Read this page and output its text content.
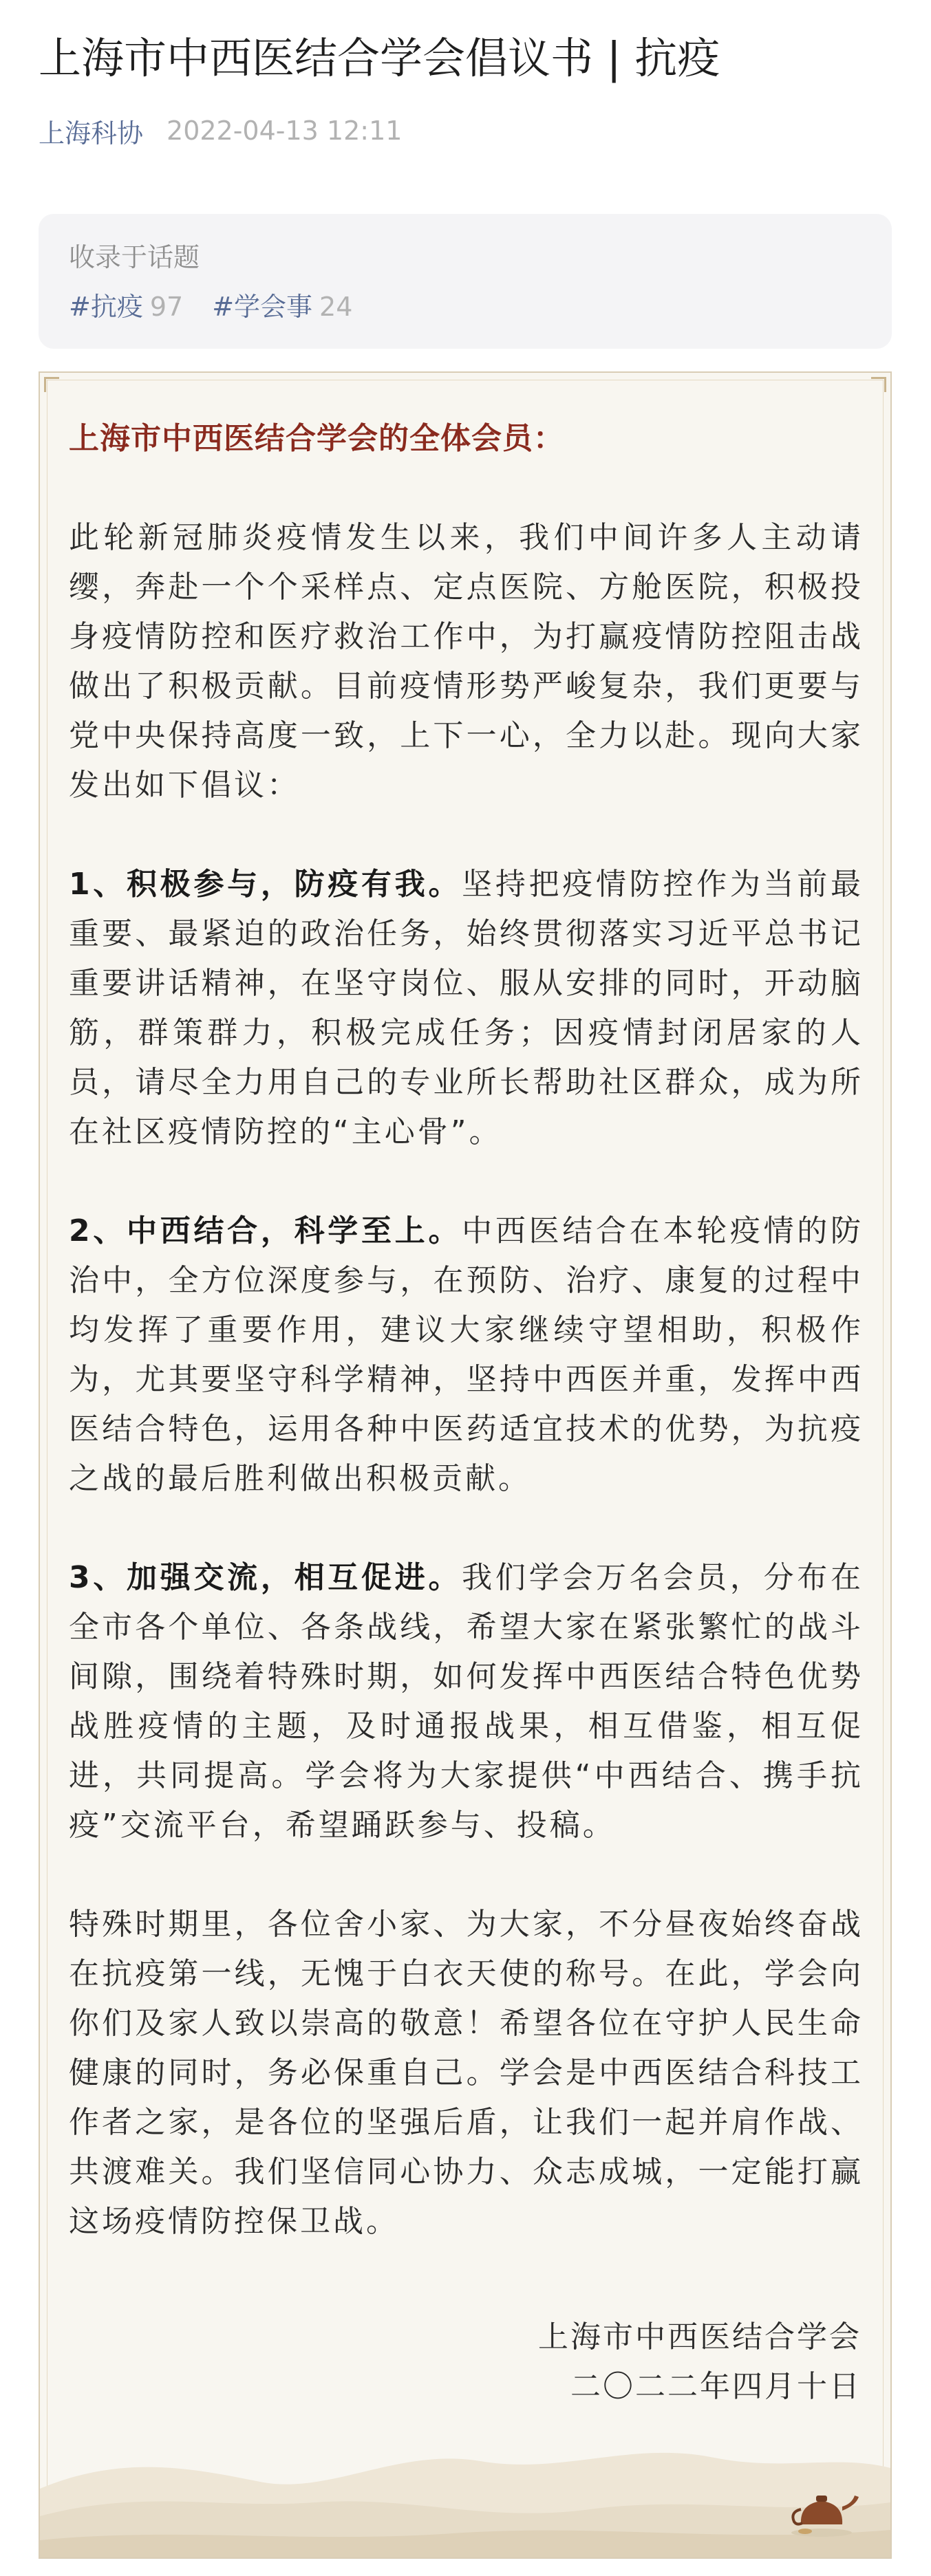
上海市中西医结合学会倡议书 | 抗疫
上海科协 2022-04-13 12:11
收录于话题
#抗疫 97 #学会事 24

上海市中西医结合学会的全体会员：

此轮新冠肺炎疫情发生以来，我们中间许多人主动请缨，奔赴一个个采样点、定点医院、方舱医院，积极投身疫情防控和医疗救治工作中，为打赢疫情防控阻击战做出了积极贡献。目前疫情形势严峻复杂，我们更要与党中央保持高度一致，上下一心，全力以赴。现向大家发出如下倡议：

1、积极参与，防疫有我。坚持把疫情防控作为当前最重要、最紧迫的政治任务，始终贯彻落实习近平总书记重要讲话精神，在坚守岗位、服从安排的同时，开动脑筋，群策群力，积极完成任务；因疫情封闭居家的人员，请尽全力用自己的专业所长帮助社区群众，成为所在社区疫情防控的“主心骨”。

2、中西结合，科学至上。中西医结合在本轮疫情的防治中，全方位深度参与，在预防、治疗、康复的过程中均发挥了重要作用，建议大家继续守望相助，积极作为，尤其要坚守科学精神，坚持中西医并重，发挥中西医结合特色，运用各种中医药适宜技术的优势，为抗疫之战的最后胜利做出积极贡献。

3、加强交流，相互促进。我们学会万名会员，分布在全市各个单位、各条战线，希望大家在紧张繁忙的战斗间隙，围绕着特殊时期，如何发挥中西医结合特色优势战胜疫情的主题，及时通报战果，相互借鉴，相互促进，共同提高。学会将为大家提供“中西结合、携手抗疫”交流平台，希望踊跃参与、投稿。

特殊时期里，各位舍小家、为大家，不分昼夜始终奋战在抗疫第一线，无愧于白衣天使的称号。在此，学会向你们及家人致以崇高的敬意！希望各位在守护人民生命健康的同时，务必保重自己。学会是中西医结合科技工作者之家，是各位的坚强后盾，让我们一起并肩作战、共渡难关。我们坚信同心协力、众志成城，一定能打赢这场疫情防控保卫战。

上海市中西医结合学会
二〇二二年四月十日
